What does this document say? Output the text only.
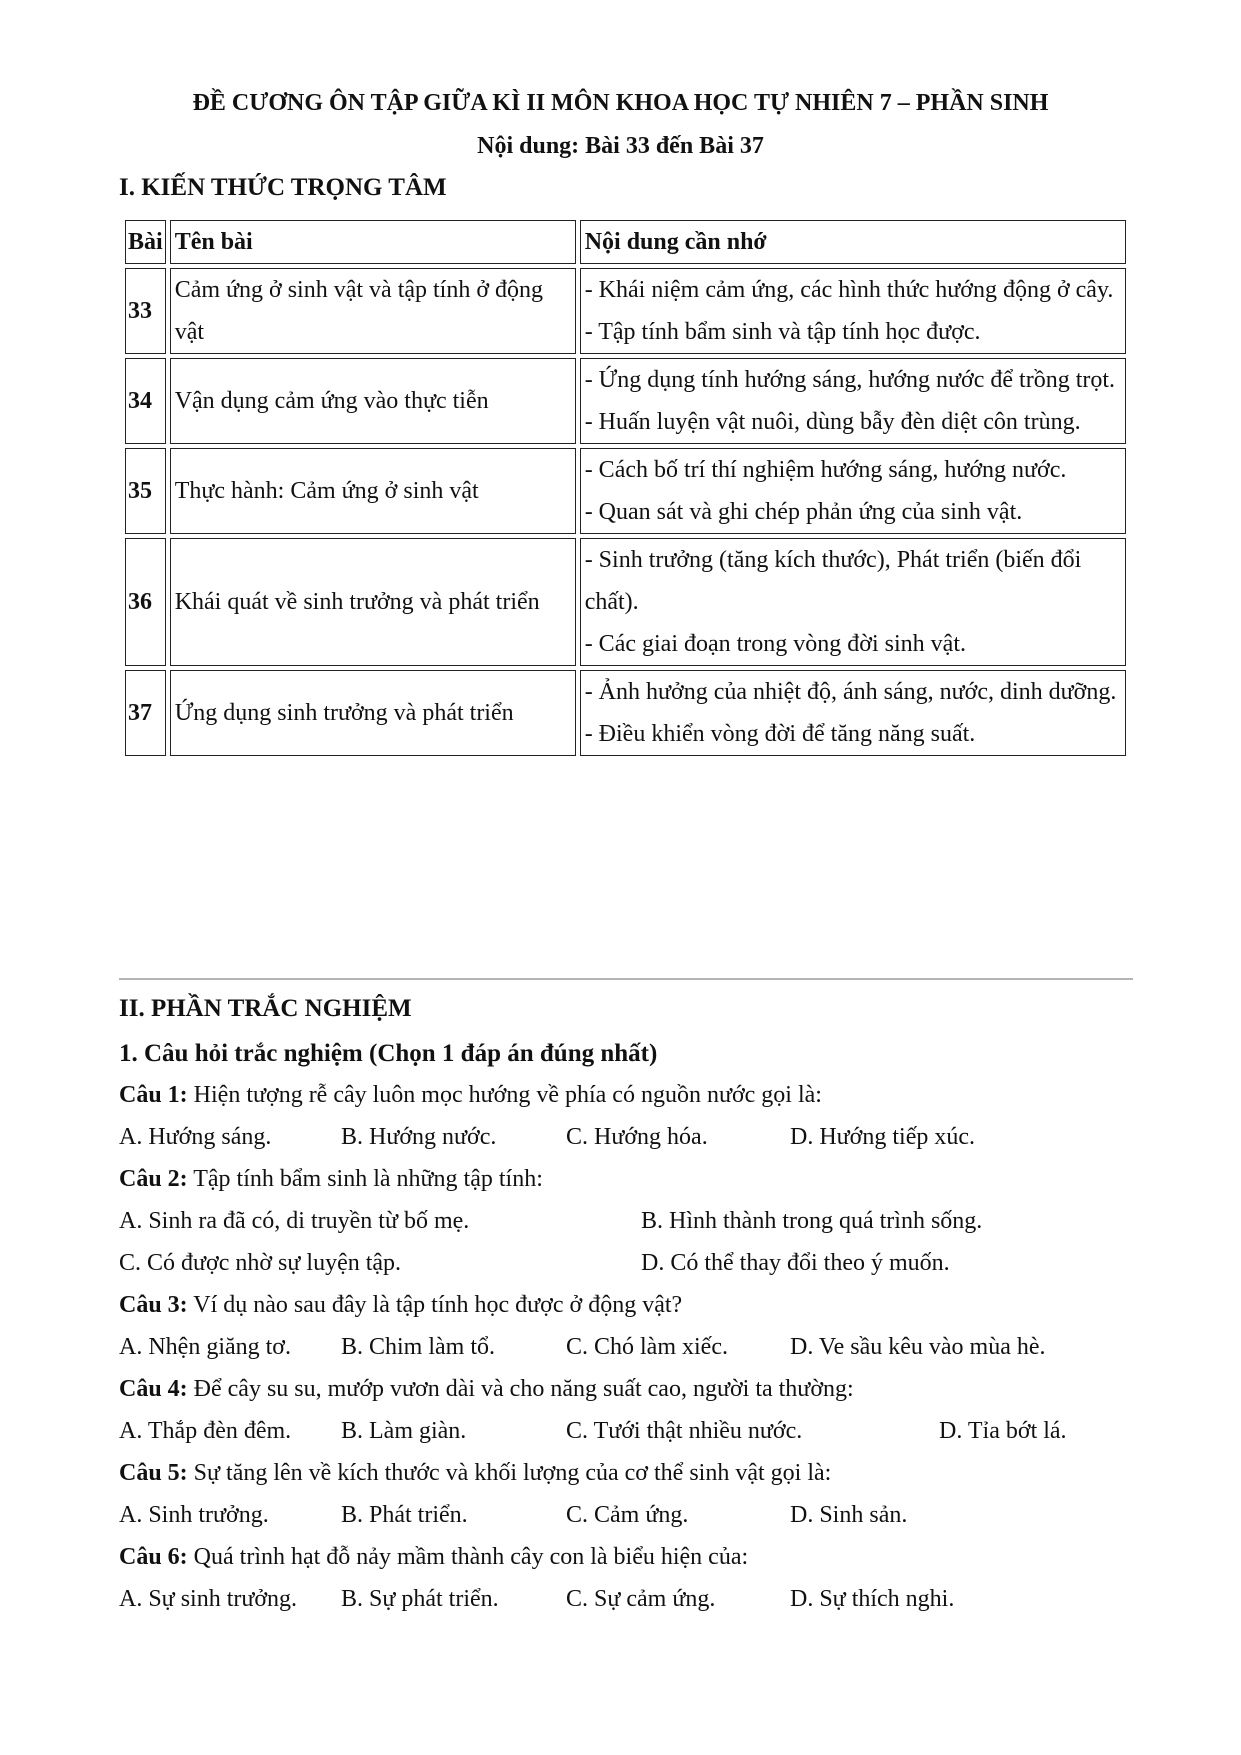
ĐỀ CƯƠNG ÔN TẬP GIỮA KÌ II MÔN KHOA HỌC TỰ NHIÊN 7 – PHẦN SINH
Nội dung: Bài 33 đến Bài 37
I. KIẾN THỨC TRỌNG TÂM
Bài	Tên bài	Nội dung cần nhớ
33	Cảm ứng ở sinh vật và tập tính ở động vật	- Khái niệm cảm ứng, các hình thức hướng động ở cây.
- Tập tính bẩm sinh và tập tính học được.

34	Vận dụng cảm ứng vào thực tiễn	- Ứng dụng tính hướng sáng, hướng nước để trồng trọt.
- Huấn luyện vật nuôi, dùng bẫy đèn diệt côn trùng.

35	Thực hành: Cảm ứng ở sinh vật	- Cách bố trí thí nghiệm hướng sáng, hướng nước.
- Quan sát và ghi chép phản ứng của sinh vật.

36	Khái quát về sinh trưởng và phát triển	- Sinh trưởng (tăng kích thước), Phát triển (biến đổi chất).
- Các giai đoạn trong vòng đời sinh vật.

37	Ứng dụng sinh trưởng và phát triển	- Ảnh hưởng của nhiệt độ, ánh sáng, nước, dinh dưỡng.
- Điều khiển vòng đời để tăng năng suất.
II. PHẦN TRẮC NGHIỆM
1. Câu hỏi trắc nghiệm (Chọn 1 đáp án đúng nhất)
Câu 1: Hiện tượng rễ cây luôn mọc hướng về phía có nguồn nước gọi là:
A. Hướng sáng.	B. Hướng nước.	C. Hướng hóa.	D. Hướng tiếp xúc.
Câu 2: Tập tính bẩm sinh là những tập tính:
A. Sinh ra đã có, di truyền từ bố mẹ.	B. Hình thành trong quá trình sống.
C. Có được nhờ sự luyện tập.	D. Có thể thay đổi theo ý muốn.
Câu 3: Ví dụ nào sau đây là tập tính học được ở động vật?
A. Nhện giăng tơ. B. Chim làm tổ.	C. Chó làm xiếc.	D. Ve sầu kêu vào mùa hè.
Câu 4: Để cây su su, mướp vươn dài và cho năng suất cao, người ta thường:
A. Thắp đèn đêm. B. Làm giàn.	C. Tưới thật nhiều nước.	D. Tỉa bớt lá.
Câu 5: Sự tăng lên về kích thước và khối lượng của cơ thể sinh vật gọi là:
A. Sinh trưởng.	B. Phát triển.	C. Cảm ứng.	D. Sinh sản.
Câu 6: Quá trình hạt đỗ nảy mầm thành cây con là biểu hiện của:
A. Sự sinh trưởng. B. Sự phát triển.	C. Sự cảm ứng.	D. Sự thích nghi.
